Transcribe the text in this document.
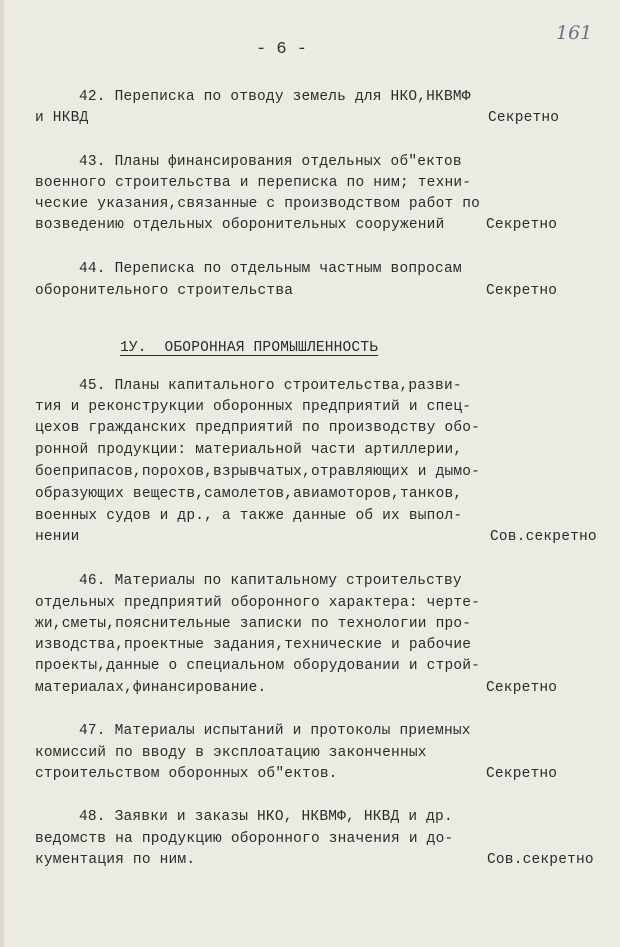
- 6 -
161
42. Переписка по отводу земель для НКО,НКВМФ
и НКВД	Секретно
43. Планы финансирования отдельных об"ектов
военного строительства и переписка по ним; техни-
ческие указания,связанные с производством работ по
возведению отдельных оборонительных сооружений	Секретно
44. Переписка по отдельным частным вопросам
оборонительного строительства	Секретно
1У.  ОБОРОННАЯ ПРОМЫШЛЕННОСТЬ
45. Планы капитального строительства,разви-
тия и реконструкции оборонных предприятий и спец-
цехов гражданских предприятий по производству обо-
ронной продукции: материальной части артиллерии,
боеприпасов,порохов,взрывчатых,отравляющих и дымо-
образующих веществ,самолетов,авиамоторов,танков,
военных судов и др., а также данные об их выпол-
нении	Сов.секретно
46. Материалы по капитальному строительству
отдельных предприятий оборонного характера: черте-
жи,сметы,пояснительные записки по технологии про-
изводства,проектные задания,технические и рабочие
проекты,данные о специальном оборудовании и строй-
материалах,финансирование.	Секретно
47. Материалы испытаний и протоколы приемных
комиссий по вводу в эксплоатацию законченных
строительством оборонных об"ектов.	Секретно
48. Заявки и заказы НКО, НКВМФ, НКВД и др.
ведомств на продукцию оборонного значения и до-
кументация по ним.	Сов.секретно
